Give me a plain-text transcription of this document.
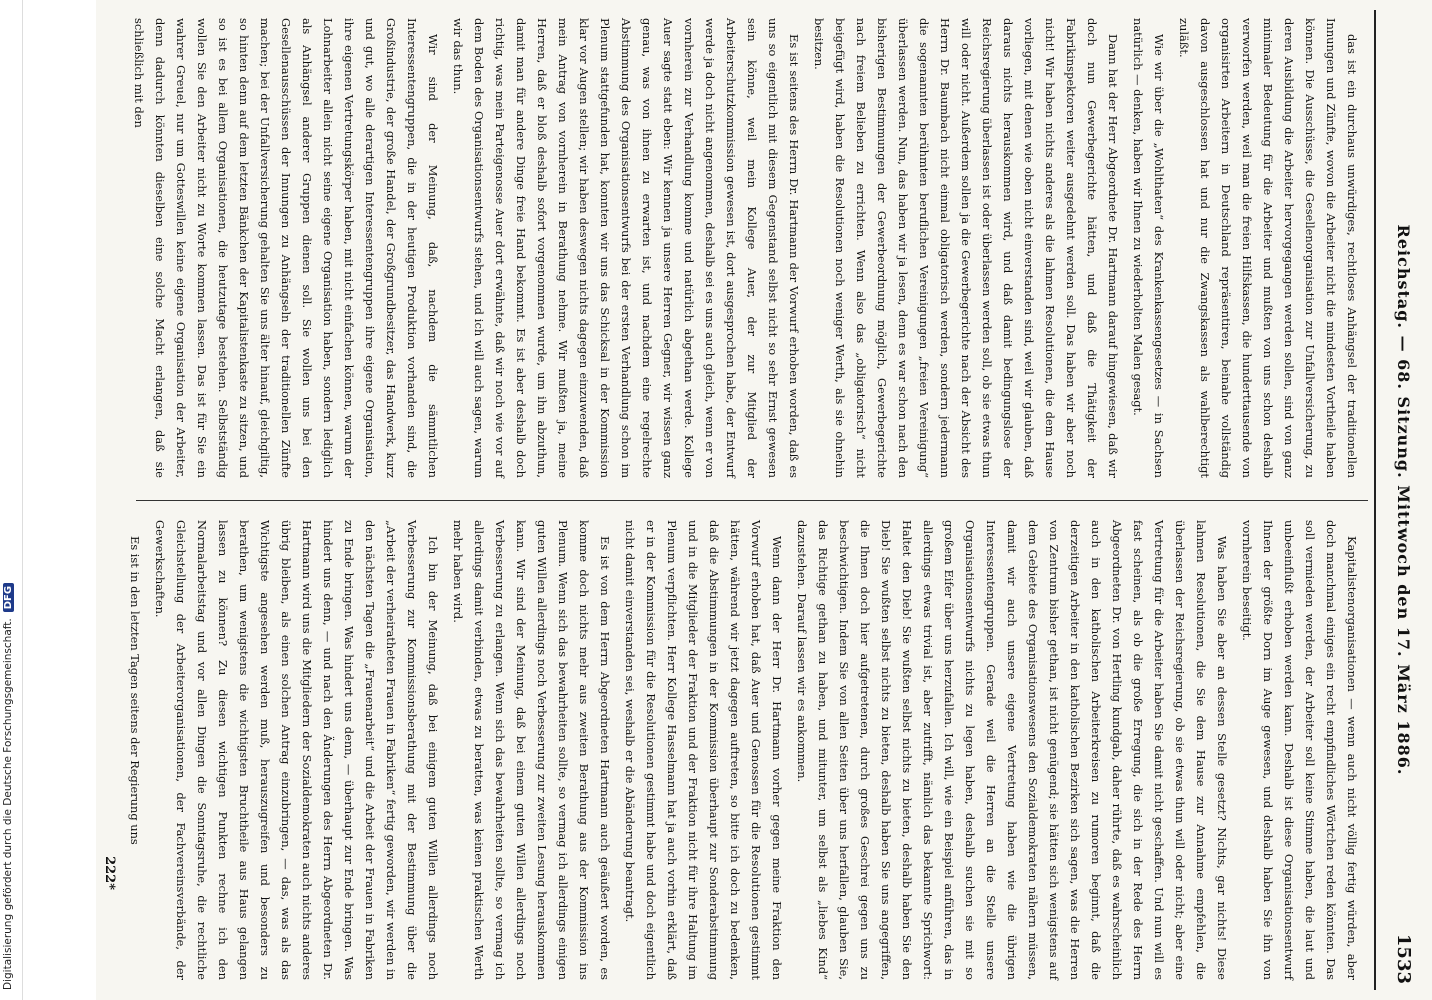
Digitalisierung gefördert durch die Deutsche Forschungsgemeinschaft.
DFG	Reichstag. — 68. Sitzung. Mittwoch den 17. März 1886.
1533

das ist ein durchaus unwürdiges, rechtloses Anhängsel der traditionellen Innungen und Zünfte, wovon die Arbeiter nicht die mindesten Vortheile haben können. Die Ausschüsse, die Gesellenorganisation zur Unfallversicherung, zu deren Ausbildung die Arbeiter hervorgegangen werden sollen, sind von ganz minimaler Bedeutung für die Arbeiter und mußten von uns schon deshalb verworfen werden, weil man die freien Hilfskassen, die hunderttausende von organisirten Arbeitern in Deutschland repräsentiren, beinahe vollständig davon ausgeschlossen hat und nur die Zwangskassen als wahlberechtigt zuläßt.

Wie wir über die „Wohlthaten“ des Krankenkassengesetzes — in Sachsen natürlich — denken, haben wir Ihnen zu wiederholten Malen gesagt.

Dann hat der Herr Abgeordnete Dr. Hartmann darauf hingewiesen, daß wir doch nun Gewerbegerichte hätten, und daß die Thätigkeit der Fabrikinspektoren weiter ausgedehnt werden soll. Das haben wir aber noch nicht! Wir haben nichts anderes als die lahmen Resolutionen, die dem Hause vorliegen, mit denen wie oben nicht einverstanden sind, weil wir glauben, daß daraus nichts herauskommen wird, und daß damit bedingungslose der Reichsregierung überlassen ist oder überlassen werden soll, ob sie etwas thun will oder nicht. Außerdem sollen ja die Gewerbegerichte nach der Absicht des Herrn Dr. Baumbach nicht einmal obligatorisch werden, sondern jedermann die sogenannten berühmten beruflichen Vereinigungen „freien Vereinigung“ überlassen werden. Nun, das haben wir ja lesen, denn es war schon nach den bisherigen Bestimmungen der Gewerbeordnung möglich, Gewerbegerichte nach freiem Belieben zu errichten. Wenn also das „obligatorisch“ nicht beigefügt wird, haben die Resolutionen noch weniger Werth, als sie ohnehin besitzen.

Es ist seitens des Herrn Dr. Hartmann der Vorwurf erhoben worden, daß es uns so eigentlich mit diesem Gegenstand selbst nicht so sehr Ernst gewesen sein könne, weil mein Kollege Auer, der zur Mitglied der Arbeiterschutzkommission gewesen ist, dort ausgesprochen habe, der Entwurf werde ja doch nicht angenommen, deshalb sei es uns auch gleich, wenn er von vornherein zur Verhandlung komme und natürlich abgethan werde. Kollege Auer sagte statt eben: Wir kennen ja unsere Herren Gegner, wir wissen ganz genau, was von ihnen zu erwarten ist, und nachdem eine regelrechte Abstimmung des Organisationsentwurfs bei der ersten Verhandlung schon im Plenum stattgefunden hat, konnten wir uns das Schicksal in der Kommission klar vor Augen stellen; wir haben deswegen nichts dagegen einzuwenden, daß mein Antrag von vornherein in Berathung nehme. Wir mußten ja, meine Herren, daß er bloß deshalb sofort vorgenommen wurde, um ihn abzuthun, damit man für andere Dinge freie Hand bekommt. Es ist aber deshalb doch richtig, was mein Parteigenosse Auer dort erwähnte, daß wir noch wie vor auf dem Boden des Organisationsentwurfs stehen, und ich will auch sagen, warum wir das thun.

Wir sind der Meinung, daß, nachdem die sämmtlichen Interessentengruppen, die in der heutigen Produktion vorhanden sind, die Großindustrie, der große Handel, der Großgrundbesitzer, das Handwerk, kurz und gut, wo alle derartigen Interessentengruppen ihre eigene Organisation, ihre eigenen Vertretungskörper haben, mit nicht einfachen können, warum der Lohnarbeiter allein nicht seine eigene Organisation haben, sondern lediglich als Anhängsel anderer Gruppen dienen soll. Sie wollen uns bei den Gesellenausschüssen der Innungen zu Anhängseln der traditionellen Zünfte machen; bei der Unfallversicherung gehalten Sie uns älter hinauf, gleichgiltig, so hinten denn auf dem letzten Bänkchen der Kapitalistenkaste zu sitzen, und so ist es bei allem Organisationen, die heutzutage bestehen. Selbstständig wollen Sie den Arbeiter nicht zu Worte kommen lassen. Das ist für Sie ein wahrer Greuel, nur um Gotteswillen keine eigene Organisation der Arbeiter, denn dadurch könnten dieselben eine solche Macht erlangen, daß sie schließlich mit den

Kapitalistenorganisationen — wenn auch nicht völlig fertig würden, aber doch manchmal einiges ein recht empfindliches Wörtchen reden könnten. Das soll vermieden werden, der Arbeiter soll keine Stimme haben, die laut und unbeeinflußt erhoben werden kann. Deshalb ist diese Organisationsentwurf Ihnen der größte Dorn im Auge gewesen, und deshalb haben Sie ihn von vornherein beseitigt.

Was haben Sie aber an dessen Stelle gesetzt? Nichts, gar nichts! Diese lahmen Resolutionen, die Sie dem Hause zur Annahme empfehlen, die überlassen der Reichsregierung, ob sie etwas thun will oder nicht; aber eine Vertretung für die Arbeiter haben Sie damit nicht geschaffen. Und nun will es fast scheinen, als ob die große Erregung, die sich in der Rede des Herrn Abgeordneten Dr. von Hertling kundgab, daher rührte, daß es wahrscheinlich auch in den katholischen Arbeiterkreisen zu rumoren beginnt, daß die derzeitigen Arbeiter in den katholischen Bezirken sich sagen, was die Herren von Zentrum bisher gethan, ist nicht genügend; sie hätten sich wenigstens auf dem Gebiete des Organisationswesens den Sozialdemokraten nähern müssen, damit wir auch unsere eigene Vertretung haben wie die übrigen Interessentengruppen. Gerade weil die Herren an die Stelle unsere Organisationsentwurfs nichts zu legen haben, deshalb suchen sie mit so großem Eifer über uns herzufallen. Ich will, wie ein Beispiel anführen, das in allerdings etwas trivial ist, aber zutrifft, nämlich das bekannte Sprichwort: Haltet den Dieb! Sie wußten selbst nichts zu bieten, deshalb haben Sie den Dieb! Sie wußten selbst nichts zu bieten, deshalb haben Sie uns angegriffen, die Ihnen doch hier aufgetretenen, durch großes Geschrei gegen uns zu beschwichtigen. Indem Sie von allen Seiten über uns herfallen, glauben Sie, das Richtige gethan zu haben, und mitunter, um selbst als „liebes Kind“ dazustehen. Darauf lassen wir es ankommen.

Wenn dann der Herr Dr. Hartmann vorher gegen meine Fraktion den Vorwurf erhoben hat, daß Auer und Genossen für die Resolutionen gestimmt hätten, während wir jetzt dagegen auftreten, so bitte ich doch zu bedenken, daß die Abstimmungen in der Kommission überhaupt zur Sonderabstimmung und in die Mitglieder der Fraktion und der Fraktion nicht für ihre Haltung im Plenum verpflichten. Herr Kollege Hasselmann hat ja auch vorhin erklärt, daß er in der Kommission für die Resolutionen gestimmt habe und doch eigentlich nicht damit einverstanden sei, weshalb er die Abänderung beantragt.

Es ist von dem Herrn Abgeordneten Hartmann auch geäußert worden, es komme doch nichts mehr aus zweiten Berathung aus der Kommission ins Plenum. Wenn sich das bewahrheiten sollte, so vermag ich allerdings einigen guten Willen allerdings noch Verbesserung zur zweiten Lesung herauskommen kann. Wir sind der Meinung, daß bei einem guten Willen allerdings noch Verbesserung zu erlangen. Wenn sich das bewahrheiten sollte, so vermag ich allerdings damit verbinden, etwas zu beratten, was keinen praktischen Werth mehr haben wird.

Ich bin der Meinung, daß bei einigem guten Willen allerdings noch Verbesserung zur Kommissionsberathung mit der Bestimmung über die „Arbeit der verheiratheten Frauen in Fabriken“ fertig geworden, wir werden in den nächsten Tagen die „Frauenarbeit“ und die Arbeit der Frauen in Fabriken zu Ende bringen. Was hindert uns denn, — überhaupt zur Ende bringen. Was hindert uns denn, — und nach den Änderungen des Herrn Abgeordneten Dr. Hartmann wird uns die Mitgliedern der Sozialdemokraten auch nichts anderes übrig bleiben, als einen solchen Antrag einzubringen, — das, was als das Wichtigste angesehen werden muß, herauszugreifen und besonders zu berathen, um wenigstens die wichtigsten Bruchtheile aus Haus gelangen lassen zu können? Zu diesen wichtigen Punkten rechne ich den Normalarbeitstag und vor allen Dingen die Sonntagsruhe, die rechtliche Gleichstellung der Arbeiterorganisationen, der Fachvereinsverbände, der Gewerkschaften.

Es ist in den letzten Tagen seitens der Regierung uns

222*
